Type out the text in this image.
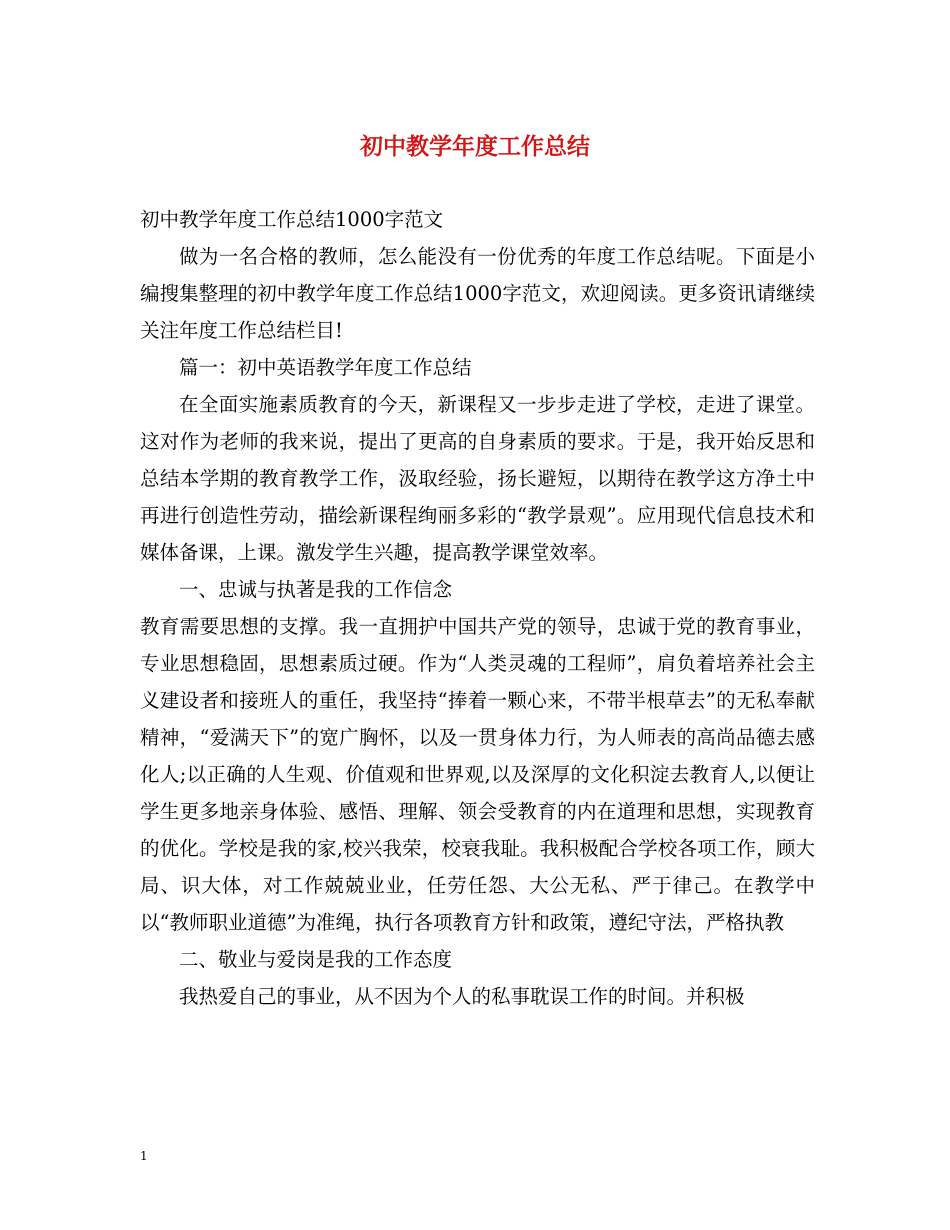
初中教学年度工作总结

初中教学年度工作总结1000字范文

做为一名合格的教师，怎么能没有一份优秀的年度工作总结呢。下面是小编搜集整理的初中教学年度工作总结1000字范文，欢迎阅读。更多资讯请继续关注年度工作总结栏目!

篇一：初中英语教学年度工作总结

在全面实施素质教育的今天，新课程又一步步走进了学校，走进了课堂。这对作为老师的我来说，提出了更高的自身素质的要求。于是，我开始反思和总结本学期的教育教学工作，汲取经验，扬长避短，以期待在教学这方净土中再进行创造性劳动，描绘新课程绚丽多彩的“教学景观”。应用现代信息技术和媒体备课，上课。激发学生兴趣，提高教学课堂效率。

一、忠诚与执著是我的工作信念

教育需要思想的支撑。我一直拥护中国共产党的领导，忠诚于党的教育事业，专业思想稳固，思想素质过硬。作为“人类灵魂的工程师”，肩负着培养社会主义建设者和接班人的重任，我坚持“捧着一颗心来，不带半根草去”的无私奉献精神，“爱满天下”的宽广胸怀，以及一贯身体力行，为人师表的高尚品德去感化人;以正确的人生观、价值观和世界观,以及深厚的文化积淀去教育人,以便让学生更多地亲身体验、感悟、理解、领会受教育的内在道理和思想，实现教育的优化。学校是我的家,校兴我荣，校衰我耻。我积极配合学校各项工作，顾大局、识大体，对工作兢兢业业，任劳任怨、大公无私、严于律己。在教学中以“教师职业道德”为准绳，执行各项教育方针和政策，遵纪守法，严格执教

二、敬业与爱岗是我的工作态度

我热爱自己的事业，从不因为个人的私事耽误工作的时间。并积极

1
